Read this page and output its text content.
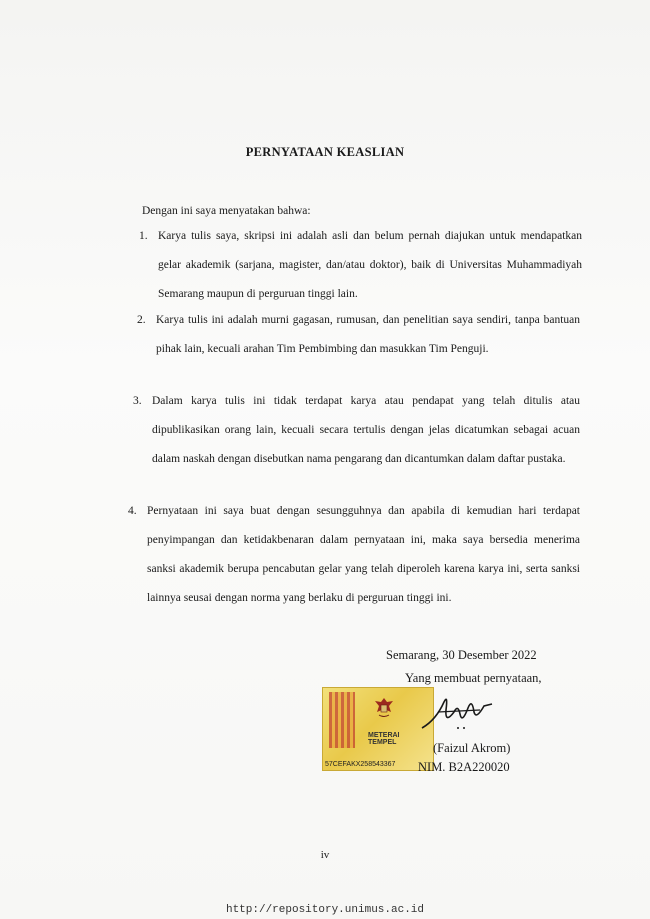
PERNYATAAN KEASLIAN
Dengan ini saya menyatakan bahwa:
1. Karya tulis saya, skripsi ini adalah asli dan belum pernah diajukan untuk mendapatkan gelar akademik (sarjana, magister, dan/atau doktor), baik di Universitas Muhammadiyah Semarang maupun di perguruan tinggi lain.
2. Karya tulis ini adalah murni gagasan, rumusan, dan penelitian saya sendiri, tanpa bantuan pihak lain, kecuali arahan Tim Pembimbing dan masukkan Tim Penguji.
3. Dalam karya tulis ini tidak terdapat karya atau pendapat yang telah ditulis atau dipublikasikan orang lain, kecuali secara tertulis dengan jelas dicatumkan sebagai acuan dalam naskah dengan disebutkan nama pengarang dan dicantumkan dalam daftar pustaka.
4. Pernyataan ini saya buat dengan sesungguhnya dan apabila di kemudian hari terdapat penyimpangan dan ketidakbenaran dalam pernyataan ini, maka saya bersedia menerima sanksi akademik berupa pencabutan gelar yang telah diperoleh karena karya ini, serta sanksi lainnya seusai dengan norma yang berlaku di perguruan tinggi ini.
Semarang, 30 Desember 2022
Yang membuat pernyataan,
METERAI
TEMPEL
57CEFAKX258543367
(Faizul Akrom)
NIM. B2A220020
iv
http://repository.unimus.ac.id
